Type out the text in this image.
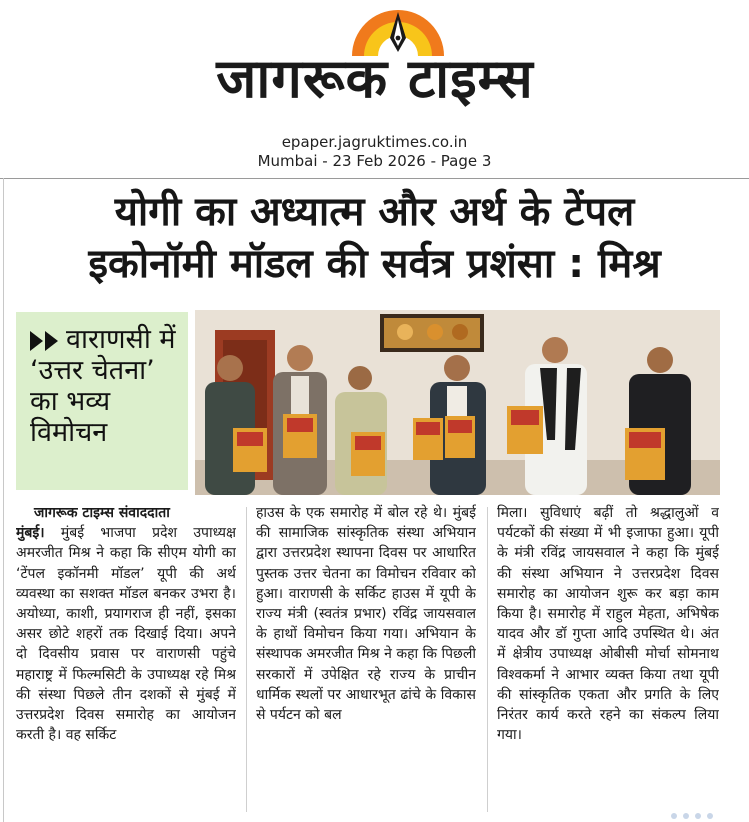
जागरूक टाइम्स
epaper.jagruktimes.co.in
Mumbai - 23 Feb 2026 - Page 3
योगी का अध्यात्म और अर्थ के टेंपल
इकोनॉमी मॉडल की सर्वत्र प्रशंसा : मिश्र
वाराणसी में ‘उत्तर चेतना’ का भव्य विमोचन
जागरूक टाइम्स संवाददाता
मुंबई। मुंबई भाजपा प्रदेश उपाध्यक्ष अमरजीत मिश्र ने कहा कि सीएम योगी का ‘टेंपल इकॉनमी मॉडल’ यूपी की अर्थ व्यवस्था का सशक्त मॉडल बनकर उभरा है। अयोध्या, काशी, प्रयागराज ही नहीं, इसका असर छोटे शहरों तक दिखाई दिया। अपने दो दिवसीय प्रवास पर वाराणसी पहुंचे महाराष्ट्र में फिल्मसिटी के उपाध्यक्ष रहे मिश्र की संस्था पिछले तीन दशकों से मुंबई में उत्तरप्रदेश दिवस समारोह का आयोजन करती है। वह सर्किट
हाउस के एक समारोह में बोल रहे थे। मुंबई की सामाजिक सांस्कृतिक संस्था अभियान द्वारा उत्तरप्रदेश स्थापना दिवस पर आधारित पुस्तक उत्तर चेतना का विमोचन रविवार को हुआ। वाराणसी के सर्किट हाउस में यूपी के राज्य मंत्री (स्वतंत्र प्रभार) रविंद्र जायसवाल के हाथों विमोचन किया गया। अभियान के संस्थापक अमरजीत मिश्र ने कहा कि पिछली सरकारों में उपेक्षित रहे राज्य के प्राचीन धार्मिक स्थलों पर आधारभूत ढांचे के विकास से पर्यटन को बल
मिला। सुविधाएं बढ़ीं तो श्रद्धालुओं व पर्यटकों की संख्या में भी इजाफा हुआ। यूपी के मंत्री रविंद्र जायसवाल ने कहा कि मुंबई की संस्था अभियान ने उत्तरप्रदेश दिवस समारोह का आयोजन शुरू कर बड़ा काम किया है। समारोह में राहुल मेहता, अभिषेक यादव और डॉ गुप्ता आदि उपस्थित थे। अंत में क्षेत्रीय उपाध्यक्ष ओबीसी मोर्चा सोमनाथ विश्वकर्मा ने आभार व्यक्त किया तथा यूपी की सांस्कृतिक एकता और प्रगति के लिए निरंतर कार्य करते रहने का संकल्प लिया गया।
